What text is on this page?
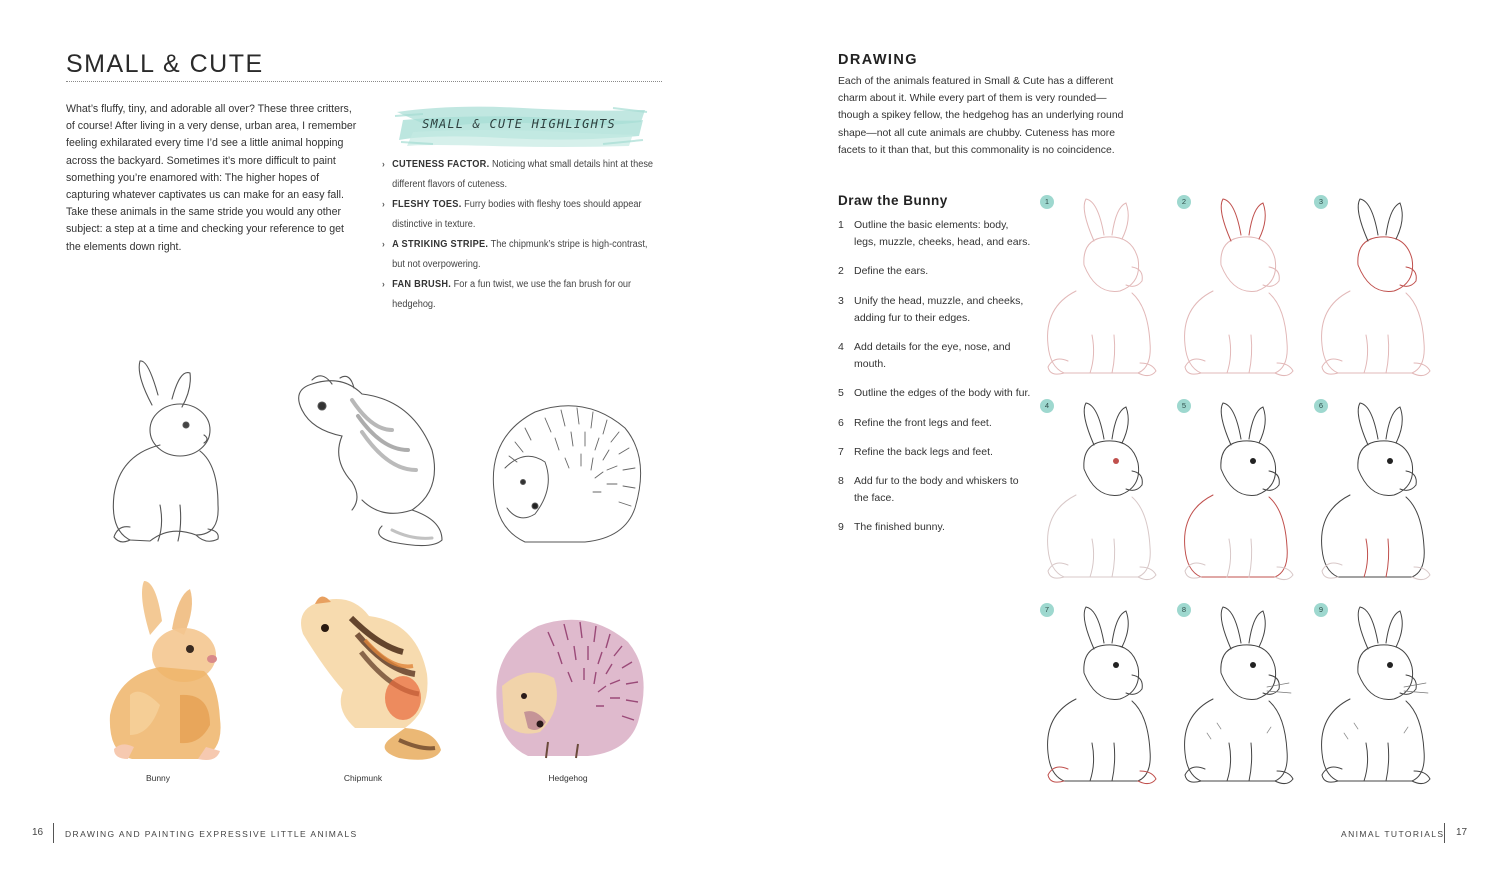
SMALL & CUTE

What’s fluffy, tiny, and adorable all over? These three critters, of course! After living in a very dense, urban area, I remember feeling exhilarated every time I’d see a little animal hopping across the backyard. Sometimes it’s more difficult to paint something you’re enamored with: The higher hopes of capturing whatever captivates us can make for an easy fall. Take these animals in the same stride you would any other subject: a step at a time and checking your reference to get the elements down right.

SMALL & CUTE HIGHLIGHTS
› CUTENESS FACTOR. Noticing what small details hint at these different flavors of cuteness.
› FLESHY TOES. Furry bodies with fleshy toes should appear distinctive in texture.
› A STRIKING STRIPE. The chipmunk’s stripe is high-contrast, but not overpowering.
› FAN BRUSH. For a fun twist, we use the fan brush for our hedgehog.
Bunny	Chipmunk	Hedgehog
16	DRAWING AND PAINTING EXPRESSIVE LITTLE ANIMALS
DRAWING

Each of the animals featured in Small & Cute has a different charm about it. While every part of them is very rounded—though a spikey fellow, the hedgehog has an underlying round shape—not all cute animals are chubby. Cuteness has more facets to it than that, but this commonality is no coincidence.

Draw the Bunny
1 Outline the basic elements: body, legs, muzzle, cheeks, head, and ears.
2 Define the ears.
3 Unify the head, muzzle, and cheeks, adding fur to their edges.
4 Add details for the eye, nose, and mouth.
5 Outline the edges of the body with fur.
6 Refine the front legs and feet.
7 Refine the back legs and feet.
8 Add fur to the body and whiskers to the face.
9 The finished bunny.
1	2	3
4	5	6
7	8	9
ANIMAL TUTORIALS 17
